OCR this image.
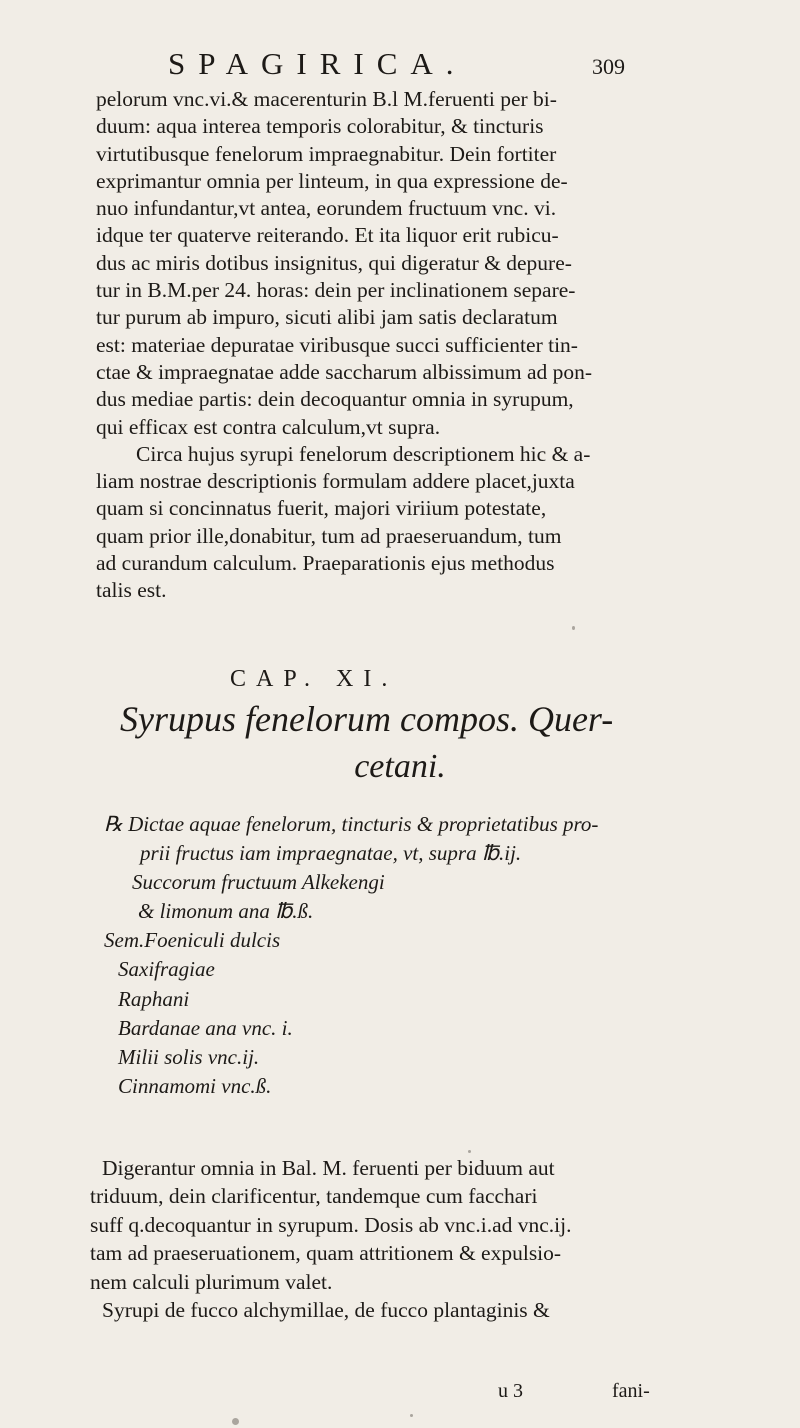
SPAGIRICA.	309
pelorum vnc.vi.& macerenturin B.l M.feruenti per bi-
duum: aqua interea temporis colorabitur, & tincturis
virtutibusque fenelorum impraegnabitur. Dein fortiter
exprimantur omnia per linteum, in qua expressione de-
nuo infundantur,vt antea, eorundem fructuum vnc. vi.
idque ter quaterve reiterando. Et ita liquor erit rubicu-
dus ac miris dotibus insignitus, qui digeratur & depure-
tur in B.M.per 24. horas: dein per inclinationem separe-
tur purum ab impuro, sicuti alibi jam satis declaratum
est: materiae depuratae viribusque succi sufficienter tin-
ctae & impraegnatae adde saccharum albissimum ad pon-
dus mediae partis: dein decoquantur omnia in syrupum,
qui efficax est contra calculum,vt supra.
Circa hujus syrupi fenelorum descriptionem hic & a-
liam nostrae descriptionis formulam addere placet,juxta
quam si concinnatus fuerit, majori viriium potestate,
quam prior ille,donabitur, tum ad praeseruandum, tum
ad curandum calculum. Praeparationis ejus methodus
talis est.
CAP. XI.
Syrupus fenelorum compos. Quer-
cetani.
℞ Dictae aquae fenelorum, tincturis & proprietatibus pro-
prii fructus iam impraegnatae, vt, supra ℔.ij.
Succorum fructuum Alkekengi
& limonum ana ℔.ß.
Sem.Foeniculi dulcis
Saxifragiae
Raphani
Bardanae ana vnc. i.
Milii solis vnc.ij.
Cinnamomi vnc.ß.
Digerantur omnia in Bal. M. feruenti per biduum aut
triduum, dein clarificentur, tandemque cum facchari
suff q.decoquantur in syrupum. Dosis ab vnc.i.ad vnc.ij.
tam ad praeseruationem, quam attritionem & expulsio-
nem calculi plurimum valet.
Syrupi de fucco alchymillae, de fucco plantaginis &
u 3	fani-
